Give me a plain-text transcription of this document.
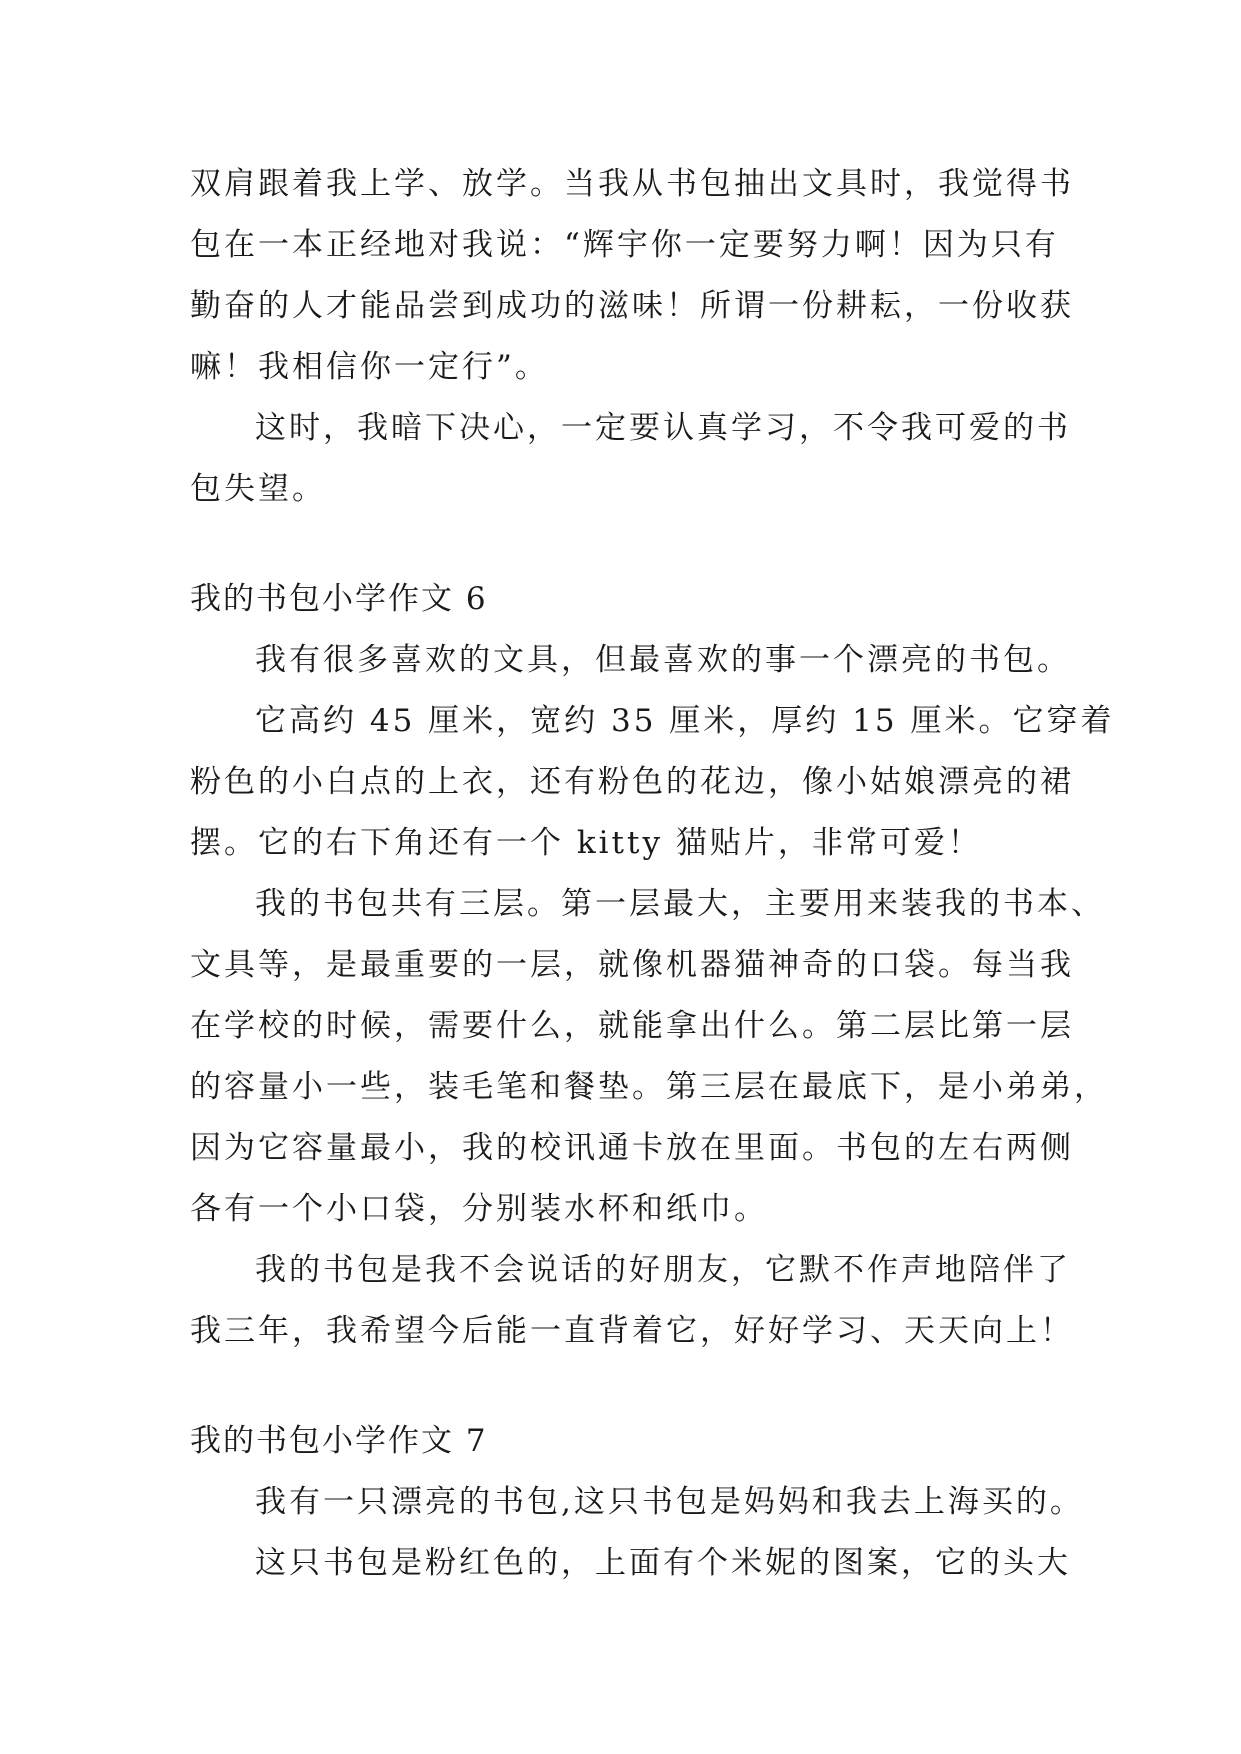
双肩跟着我上学、放学。当我从书包抽出文具时，我觉得书
包在一本正经地对我说：“辉宇你一定要努力啊！因为只有
勤奋的人才能品尝到成功的滋味！所谓一份耕耘，一份收获
嘛！我相信你一定行”。
这时，我暗下决心，一定要认真学习，不令我可爱的书
包失望。
我的书包小学作文 6
我有很多喜欢的文具，但最喜欢的事一个漂亮的书包。
它高约 45 厘米，宽约 35 厘米，厚约 15 厘米。它穿着
粉色的小白点的上衣，还有粉色的花边，像小姑娘漂亮的裙
摆。它的右下角还有一个 kitty 猫贴片，非常可爱！
我的书包共有三层。第一层最大，主要用来装我的书本、
文具等，是最重要的一层，就像机器猫神奇的口袋。每当我
在学校的时候，需要什么，就能拿出什么。第二层比第一层
的容量小一些，装毛笔和餐垫。第三层在最底下，是小弟弟，
因为它容量最小，我的校讯通卡放在里面。书包的左右两侧
各有一个小口袋，分别装水杯和纸巾。
我的书包是我不会说话的好朋友，它默不作声地陪伴了
我三年，我希望今后能一直背着它，好好学习、天天向上！
我的书包小学作文 7
我有一只漂亮的书包,这只书包是妈妈和我去上海买的。
这只书包是粉红色的，上面有个米妮的图案，它的头大
